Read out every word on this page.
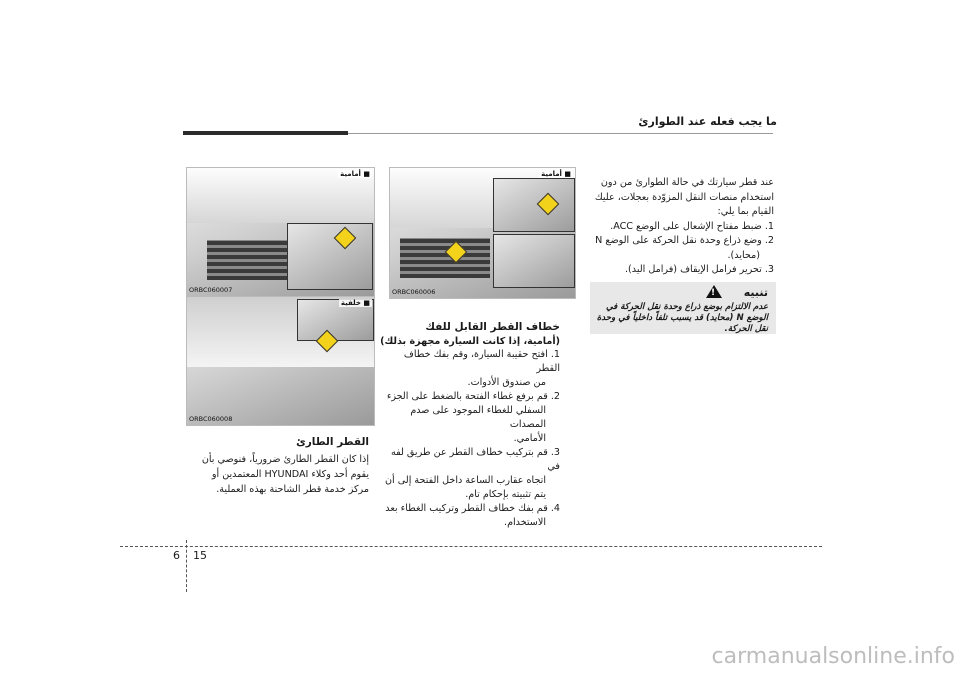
ما يجب فعله عند الطوارئ

عند قطر سيارتك في حالة الطوارئ من دون

استخدام منصات النقل المزوّدة بعجلات، عليك

القيام بما يلي:

1. ضبط مفتاح الإشعال على الوضع ACC.

2. وضع ذراع وحدة نقل الحركة على الوضع N

(محايد).

3. تحرير فرامل الإيقاف (فرامل اليد).

!
تنبيه
عدم الالتزام بوضع ذراع وحدة نقل الحركة في الوضع N (محايد) قد يسبب تلفاً داخلياً في وحدة نقل الحركة.
■ أمامية
ORBC060006
■ أمامية
ORBC060007
■ خلفية
ORBC060008
خطاف القطر القابل للفك
(أمامية، إذا كانت السيارة مجهزة بذلك)
1. افتح حقيبة السيارة، وقم بفك خطاف القطر
من صندوق الأدوات.
2. قم برفع غطاء الفتحة بالضغط على الجزء
السفلي للغطاء الموجود على صدم المصدات
الأمامي.
3. قم بتركيب خطاف القطر عن طريق لفه في
اتجاه عقارب الساعة داخل الفتحة إلى أن
يتم تثبيته بإحكام تام.
4. قم بفك خطاف القطر وتركيب الغطاء بعد
الاستخدام.
القطر الطارئ
إذا كان القطر الطارئ ضرورياً، فنوصي بأن
يقوم أحد وكلاء HYUNDAI المعتمدين أو
مركز خدمة قطر الشاحنة بهذه العملية.
6 15
carmanualsonline.info
